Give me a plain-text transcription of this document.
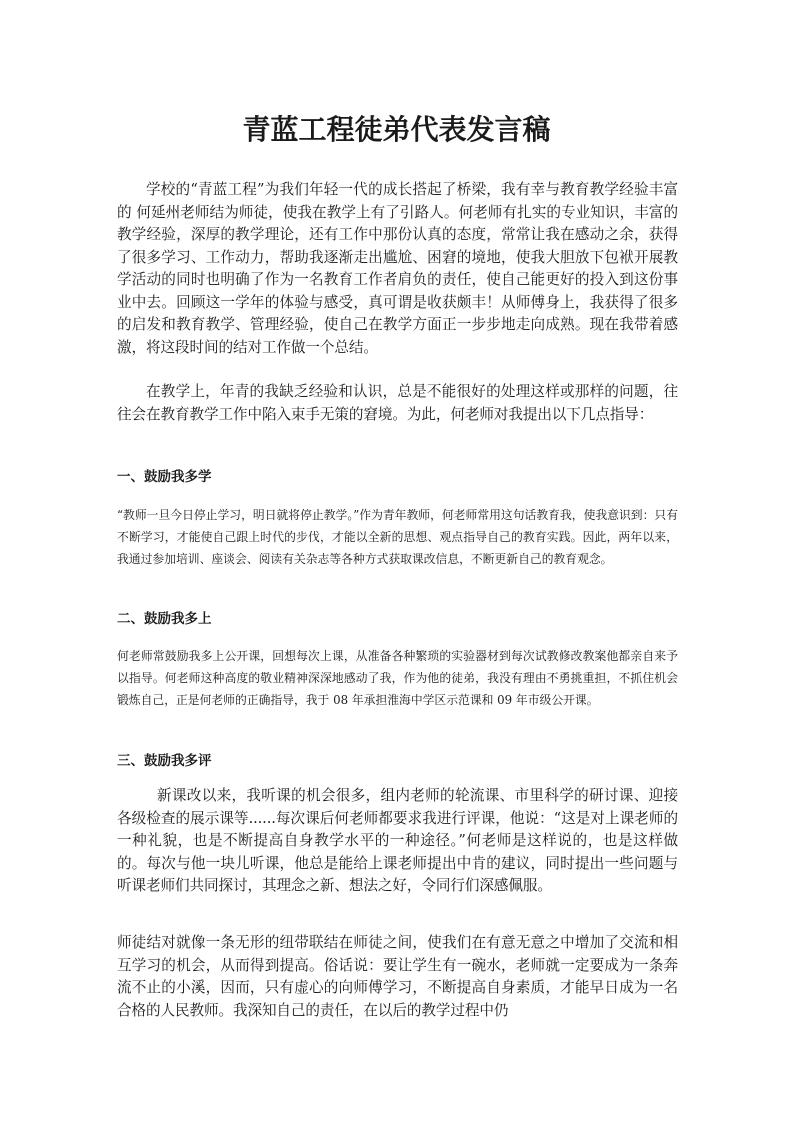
青蓝工程徒弟代表发言稿

学校的“青蓝工程”为我们年轻一代的成长搭起了桥梁，我有幸与教育教学经验丰富的 何延州老师结为师徒，使我在教学上有了引路人。何老师有扎实的专业知识，丰富的教学经验，深厚的教学理论，还有工作中那份认真的态度，常常让我在感动之余，获得了很多学习、工作动力，帮助我逐渐走出尴尬、困窘的境地，使我大胆放下包袱开展教学活动的同时也明确了作为一名教育工作者肩负的责任，使自己能更好的投入到这份事业中去。回顾这一学年的体验与感受，真可谓是收获颇丰！从师傅身上，我获得了很多的启发和教育教学、管理经验，使自己在教学方面正一步步地走向成熟。现在我带着感激，将这段时间的结对工作做一个总结。

在教学上，年青的我缺乏经验和认识，总是不能很好的处理这样或那样的问题，往往会在教育教学工作中陷入束手无策的窘境。为此，何老师对我提出以下几点指导：

一、鼓励我多学

“教师一旦今日停止学习，明日就将停止教学。”作为青年教师，何老师常用这句话教育我，使我意识到：只有不断学习，才能使自己跟上时代的步伐，才能以全新的思想、观点指导自己的教育实践。因此，两年以来，我通过参加培训、座谈会、阅读有关杂志等各种方式获取课改信息，不断更新自己的教育观念。

二、鼓励我多上

何老师常鼓励我多上公开课，回想每次上课，从准备各种繁琐的实验器材到每次试教修改教案他都亲自来予以指导。何老师这种高度的敬业精神深深地感动了我，作为他的徒弟，我没有理由不勇挑重担，不抓住机会锻炼自己，正是何老师的正确指导，我于 08 年承担淮海中学区示范课和 09 年市级公开课。

三、鼓励我多评

新课改以来，我听课的机会很多，组内老师的轮流课、市里科学的研讨课、迎接各级检查的展示课等......每次课后何老师都要求我进行评课，他说：“这是对上课老师的一种礼貌，也是不断提高自身教学水平的一种途径。”何老师是这样说的，也是这样做的。每次与他一块儿听课，他总是能给上课老师提出中肯的建议，同时提出一些问题与听课老师们共同探讨，其理念之新、想法之好，令同行们深感佩服。

师徒结对就像一条无形的纽带联结在师徒之间，使我们在有意无意之中增加了交流和相互学习的机会，从而得到提高。俗话说：要让学生有一碗水，老师就一定要成为一条奔流不止的小溪，因而，只有虚心的向师傅学习，不断提高自身素质，才能早日成为一名合格的人民教师。我深知自己的责任，在以后的教学过程中仍
